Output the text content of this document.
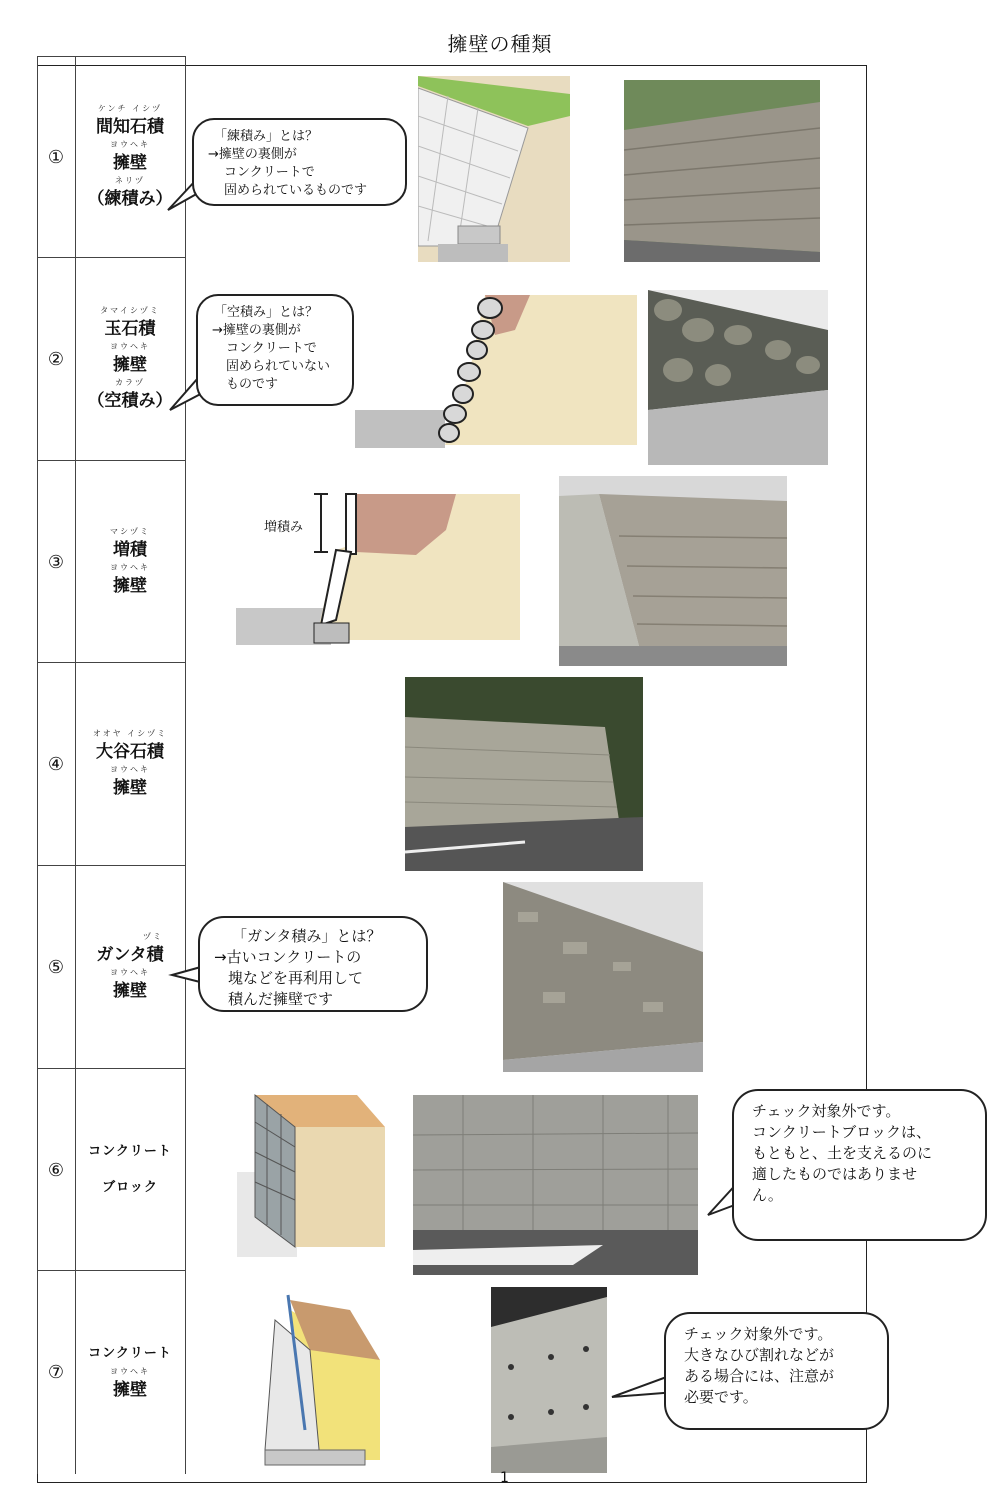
擁壁の種類
①
ケンチ イシヅ
間知石積
ヨウヘキ
擁壁
ネリヅ
（練積み）
②
タマイシヅミ
玉石積
ヨウヘキ
擁壁
カラヅ
（空積み）
③
マシヅミ
増積
ヨウヘキ
擁壁
④
オオヤ イシヅミ
大谷石積
ヨウヘキ
擁壁
⑤
ヅミ
ガンタ積
ヨウヘキ
擁壁
⑥
コンクリート
ブロック
⑦
コンクリート
ヨウヘキ
擁壁
「練積み」とは？
→擁壁の裏側が
コンクリートで
固められているものです
「空積み」とは？
→擁壁の裏側が
コンクリートで
固められていない
ものです
「ガンタ積み」とは？
→古いコンクリートの
塊などを再利用して
積んだ擁壁です
チェック対象外です。
コンクリートブロックは、
もともと、土を支えるのに
適したものではありませ
ん。
チェック対象外です。
大きなひび割れなどが
ある場合には、注意が
必要です。
増積み
1
